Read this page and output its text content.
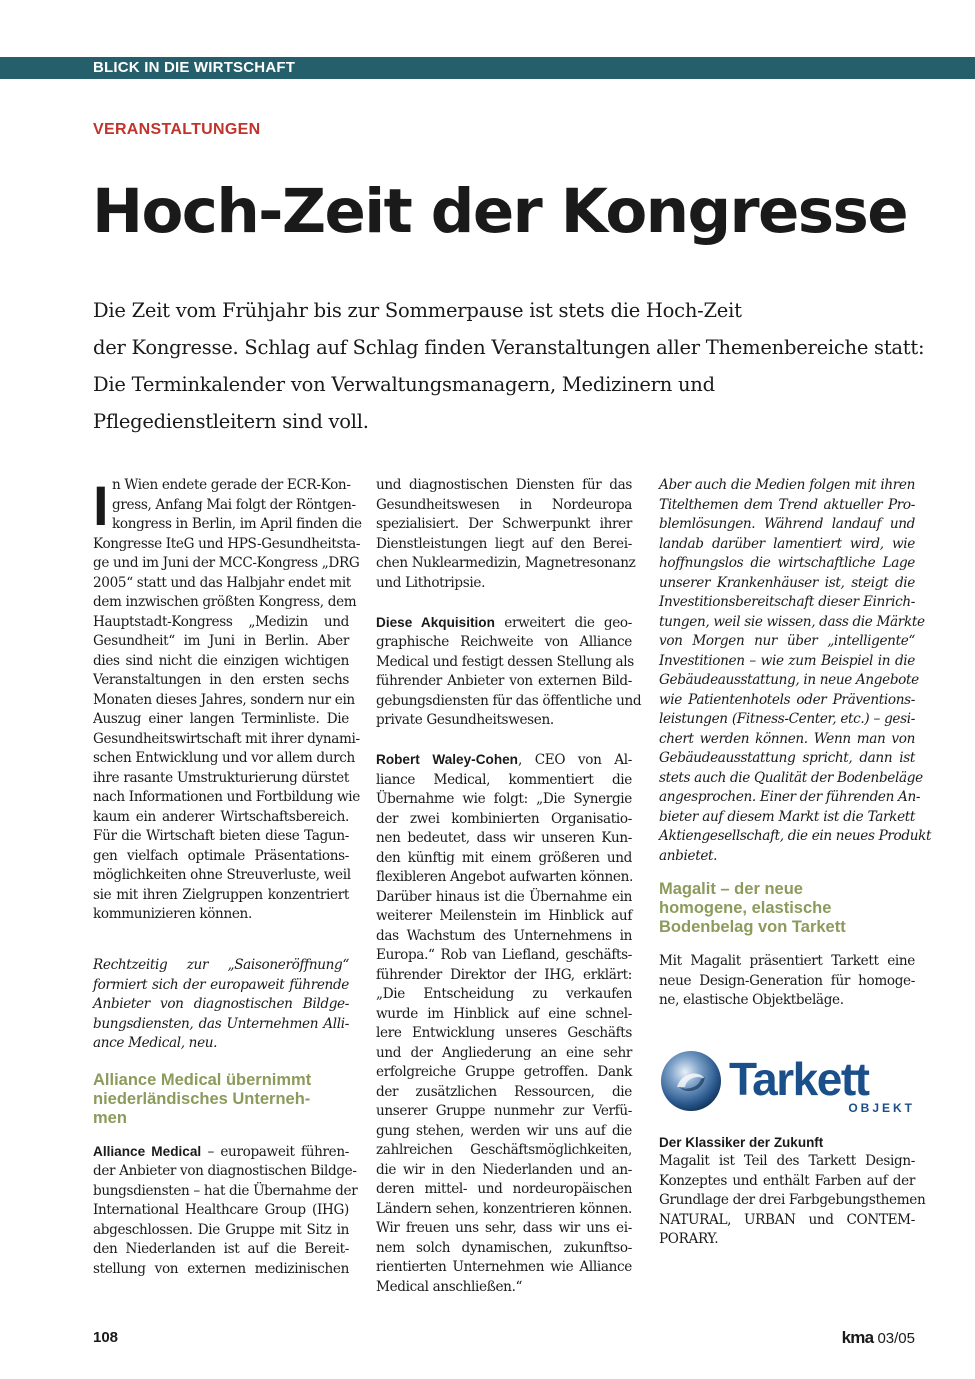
BLICK IN DIE WIRTSCHAFT
VERANSTALTUNGEN
Hoch-Zeit der Kongresse
Die Zeit vom Frühjahr bis zur Sommerpause ist stets die Hoch-Zeit
der Kongresse. Schlag auf Schlag finden Veranstaltungen aller Themenbereiche statt:
Die Terminkalender von Verwaltungsmanagern, Medizinern und
Pflegedienstleitern sind voll.
I n Wien endete gerade der ECR-Kon-
gress, Anfang Mai folgt der Röntgen-
kongress in Berlin, im April finden die
Kongresse IteG und HPS-Gesundheitsta-
ge und im Juni der MCC-Kongress „DRG
2005“ statt und das Halbjahr endet mit
dem inzwischen größten Kongress, dem
Hauptstadt-Kongress „Medizin und
Gesundheit“ im Juni in Berlin. Aber
dies sind nicht die einzigen wichtigen
Veranstaltungen in den ersten sechs
Monaten dieses Jahres, sondern nur ein
Auszug einer langen Terminliste. Die
Gesundheitswirtschaft mit ihrer dynami-
schen Entwicklung und vor allem durch
ihre rasante Umstrukturierung dürstet
nach Informationen und Fortbildung wie
kaum ein anderer Wirtschaftsbereich.
Für die Wirtschaft bieten diese Tagun-
gen vielfach optimale Präsentations-
möglichkeiten ohne Streuverluste, weil
sie mit ihren Zielgruppen konzentriert
kommunizieren können.
Rechtzeitig zur „Saisoneröffnung“
formiert sich der europaweit führende
Anbieter von diagnostischen Bildge-
bungsdiensten, das Unternehmen Alli-
ance Medical, neu.
Alliance Medical übernimmt
niederländisches Unterneh-
men
Alliance Medical – europaweit führen-
der Anbieter von diagnostischen Bildge-
bungsdiensten – hat die Übernahme der
International Healthcare Group (IHG)
abgeschlossen. Die Gruppe mit Sitz in
den Niederlanden ist auf die Bereit-
stellung von externen medizinischen
und diagnostischen Diensten für das
Gesundheitswesen in Nordeuropa
spezialisiert. Der Schwerpunkt ihrer
Dienstleistungen liegt auf den Berei-
chen Nuklearmedizin, Magnetresonanz
und Lithotripsie.
Diese Akquisition erweitert die geo-
graphische Reichweite von Alliance
Medical und festigt dessen Stellung als
führender Anbieter von externen Bild-
gebungsdiensten für das öffentliche und
private Gesundheitswesen.
Robert Waley-Cohen, CEO von Al-
liance Medical, kommentiert die
Übernahme wie folgt: „Die Synergie
der zwei kombinierten Organisatio-
nen bedeutet, dass wir unseren Kun-
den künftig mit einem größeren und
flexibleren Angebot aufwarten können.
Darüber hinaus ist die Übernahme ein
weiterer Meilenstein im Hinblick auf
das Wachstum des Unternehmens in
Europa.“ Rob van Liefland, geschäfts-
führender Direktor der IHG, erklärt:
„Die Entscheidung zu verkaufen
wurde im Hinblick auf eine schnel-
lere Entwicklung unseres Geschäfts
und der Angliederung an eine sehr
erfolgreiche Gruppe getroffen. Dank
der zusätzlichen Ressourcen, die
unserer Gruppe nunmehr zur Verfü-
gung stehen, werden wir uns auf die
zahlreichen Geschäftsmöglichkeiten,
die wir in den Niederlanden und an-
deren mittel- und nordeuropäischen
Ländern sehen, konzentrieren können.
Wir freuen uns sehr, dass wir uns ei-
nem solch dynamischen, zukunftso-
rientierten Unternehmen wie Alliance
Medical anschließen.“
Aber auch die Medien folgen mit ihren
Titelthemen dem Trend aktueller Pro-
blemlösungen. Während landauf und
landab darüber lamentiert wird, wie
hoffnungslos die wirtschaftliche Lage
unserer Krankenhäuser ist, steigt die
Investitionsbereitschaft dieser Einrich-
tungen, weil sie wissen, dass die Märkte
von Morgen nur über „intelligente“
Investitionen – wie zum Beispiel in die
Gebäudeausstattung, in neue Angebote
wie Patientenhotels oder Präventions-
leistungen (Fitness-Center, etc.) – gesi-
chert werden können. Wenn man von
Gebäudeausstattung spricht, dann ist
stets auch die Qualität der Bodenbeläge
angesprochen. Einer der führenden An-
bieter auf diesem Markt ist die Tarkett
Aktiengesellschaft, die ein neues Produkt
anbietet.
Magalit – der neue
homogene, elastische
Bodenbelag von Tarkett
Mit Magalit präsentiert Tarkett eine
neue Design-Generation für homoge-
ne, elastische Objektbeläge.
Tarkett
OBJEKT
Der Klassiker der Zukunft
Magalit ist Teil des Tarkett Design-
Konzeptes und enthält Farben auf der
Grundlage der drei Farbgebungsthemen
NATURAL, URBAN und CONTEM-
PORARY.
108	kma 03/05
